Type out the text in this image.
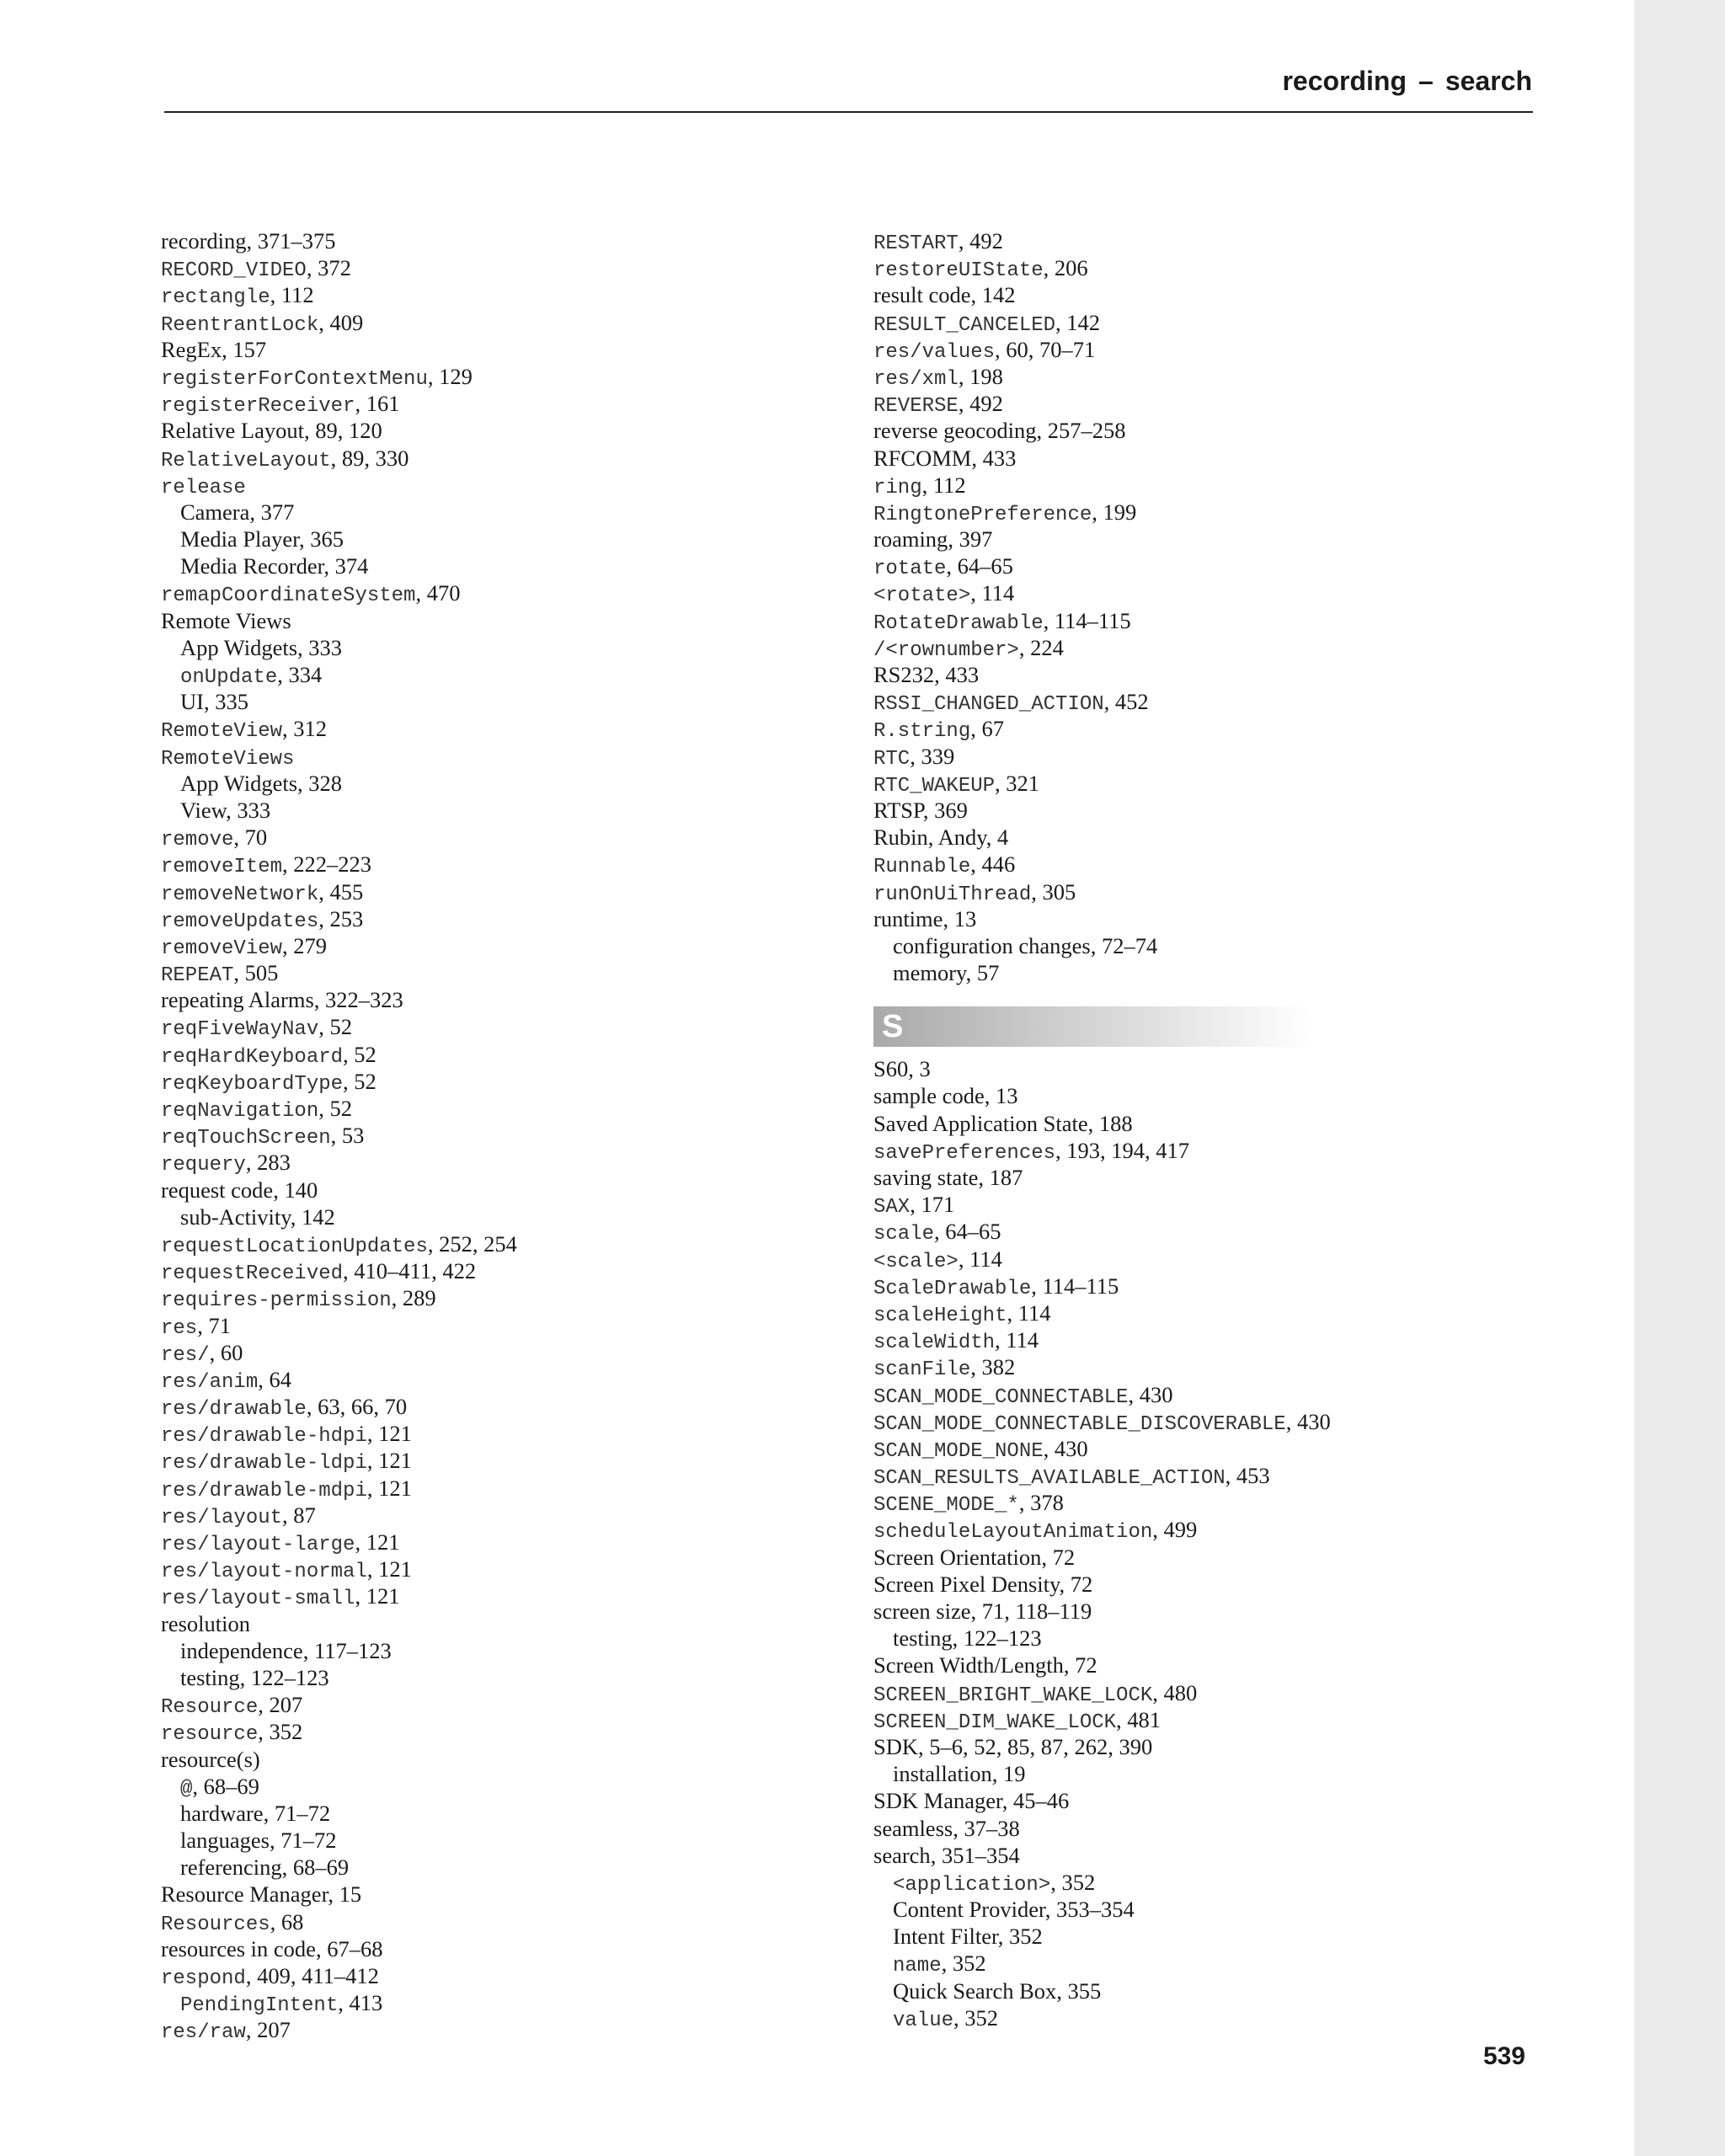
recording – search
recording, 371–375
RECORD_VIDEO, 372
rectangle, 112
ReentrantLock, 409
RegEx, 157
registerForContextMenu, 129
registerReceiver, 161
Relative Layout, 89, 120
RelativeLayout, 89, 330
release
Camera, 377
Media Player, 365
Media Recorder, 374
remapCoordinateSystem, 470
Remote Views
App Widgets, 333
onUpdate, 334
UI, 335
RemoteView, 312
RemoteViews
App Widgets, 328
View, 333
remove, 70
removeItem, 222–223
removeNetwork, 455
removeUpdates, 253
removeView, 279
REPEAT, 505
repeating Alarms, 322–323
reqFiveWayNav, 52
reqHardKeyboard, 52
reqKeyboardType, 52
reqNavigation, 52
reqTouchScreen, 53
requery, 283
request code, 140
sub-Activity, 142
requestLocationUpdates, 252, 254
requestReceived, 410–411, 422
requires-permission, 289
res, 71
res/, 60
res/anim, 64
res/drawable, 63, 66, 70
res/drawable-hdpi, 121
res/drawable-ldpi, 121
res/drawable-mdpi, 121
res/layout, 87
res/layout-large, 121
res/layout-normal, 121
res/layout-small, 121
resolution
independence, 117–123
testing, 122–123
Resource, 207
resource, 352
resource(s)
@, 68–69
hardware, 71–72
languages, 71–72
referencing, 68–69
Resource Manager, 15
Resources, 68
resources in code, 67–68
respond, 409, 411–412
PendingIntent, 413
res/raw, 207
RESTART, 492
restoreUIState, 206
result code, 142
RESULT_CANCELED, 142
res/values, 60, 70–71
res/xml, 198
REVERSE, 492
reverse geocoding, 257–258
RFCOMM, 433
ring, 112
RingtonePreference, 199
roaming, 397
rotate, 64–65
<rotate>, 114
RotateDrawable, 114–115
/<rownumber>, 224
RS232, 433
RSSI_CHANGED_ACTION, 452
R.string, 67
RTC, 339
RTC_WAKEUP, 321
RTSP, 369
Rubin, Andy, 4
Runnable, 446
runOnUiThread, 305
runtime, 13
configuration changes, 72–74
memory, 57
S
S60, 3
sample code, 13
Saved Application State, 188
savePreferences, 193, 194, 417
saving state, 187
SAX, 171
scale, 64–65
<scale>, 114
ScaleDrawable, 114–115
scaleHeight, 114
scaleWidth, 114
scanFile, 382
SCAN_MODE_CONNECTABLE, 430
SCAN_MODE_CONNECTABLE_DISCOVERABLE, 430
SCAN_MODE_NONE, 430
SCAN_RESULTS_AVAILABLE_ACTION, 453
SCENE_MODE_*, 378
scheduleLayoutAnimation, 499
Screen Orientation, 72
Screen Pixel Density, 72
screen size, 71, 118–119
testing, 122–123
Screen Width/Length, 72
SCREEN_BRIGHT_WAKE_LOCK, 480
SCREEN_DIM_WAKE_LOCK, 481
SDK, 5–6, 52, 85, 87, 262, 390
installation, 19
SDK Manager, 45–46
seamless, 37–38
search, 351–354
<application>, 352
Content Provider, 353–354
Intent Filter, 352
name, 352
Quick Search Box, 355
value, 352
539
